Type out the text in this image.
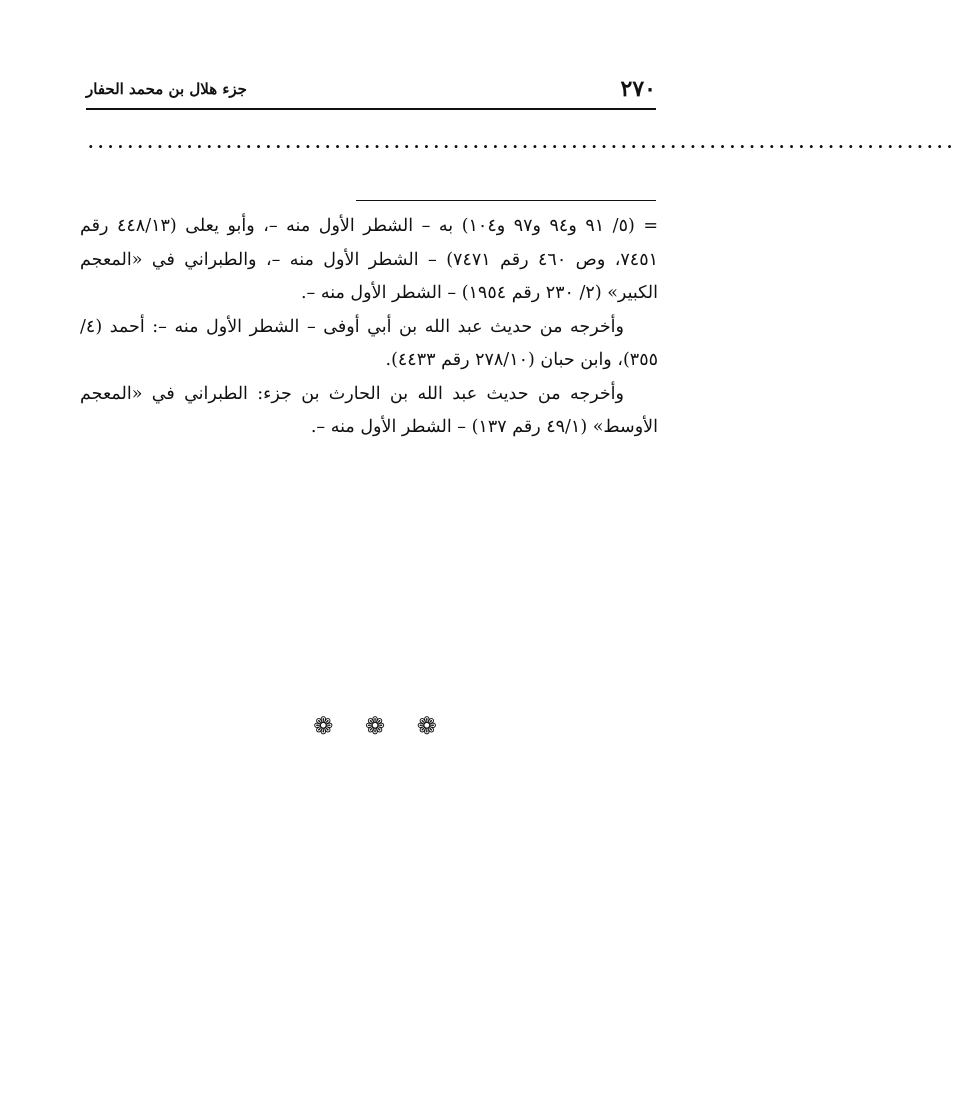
٢٧٠
جزء هلال بن محمد الحفار
........................................................................................

= (٥/ ٩١ و٩٤ و٩٧ و١٠٤) به – الشطر الأول منه –، وأبو يعلى (٤٤٨/١٣ رقم ٧٤٥١، وص ٤٦٠ رقم ٧٤٧١) – الشطر الأول منه –، والطبراني في «المعجم الكبير» (٢/ ٢٣٠ رقم ١٩٥٤) – الشطر الأول منه –.

وأخرجه من حديث عبد الله بن أبي أوفى – الشطر الأول منه –: أحمد (٤/ ٣٥٥)، وابن حبان (٢٧٨/١٠ رقم ٤٤٣٣).

وأخرجه من حديث عبد الله بن الحارث بن جزء: الطبراني في «المعجم الأوسط» (٤٩/١ رقم ١٣٧) – الشطر الأول منه –.

❁ ❁ ❁
